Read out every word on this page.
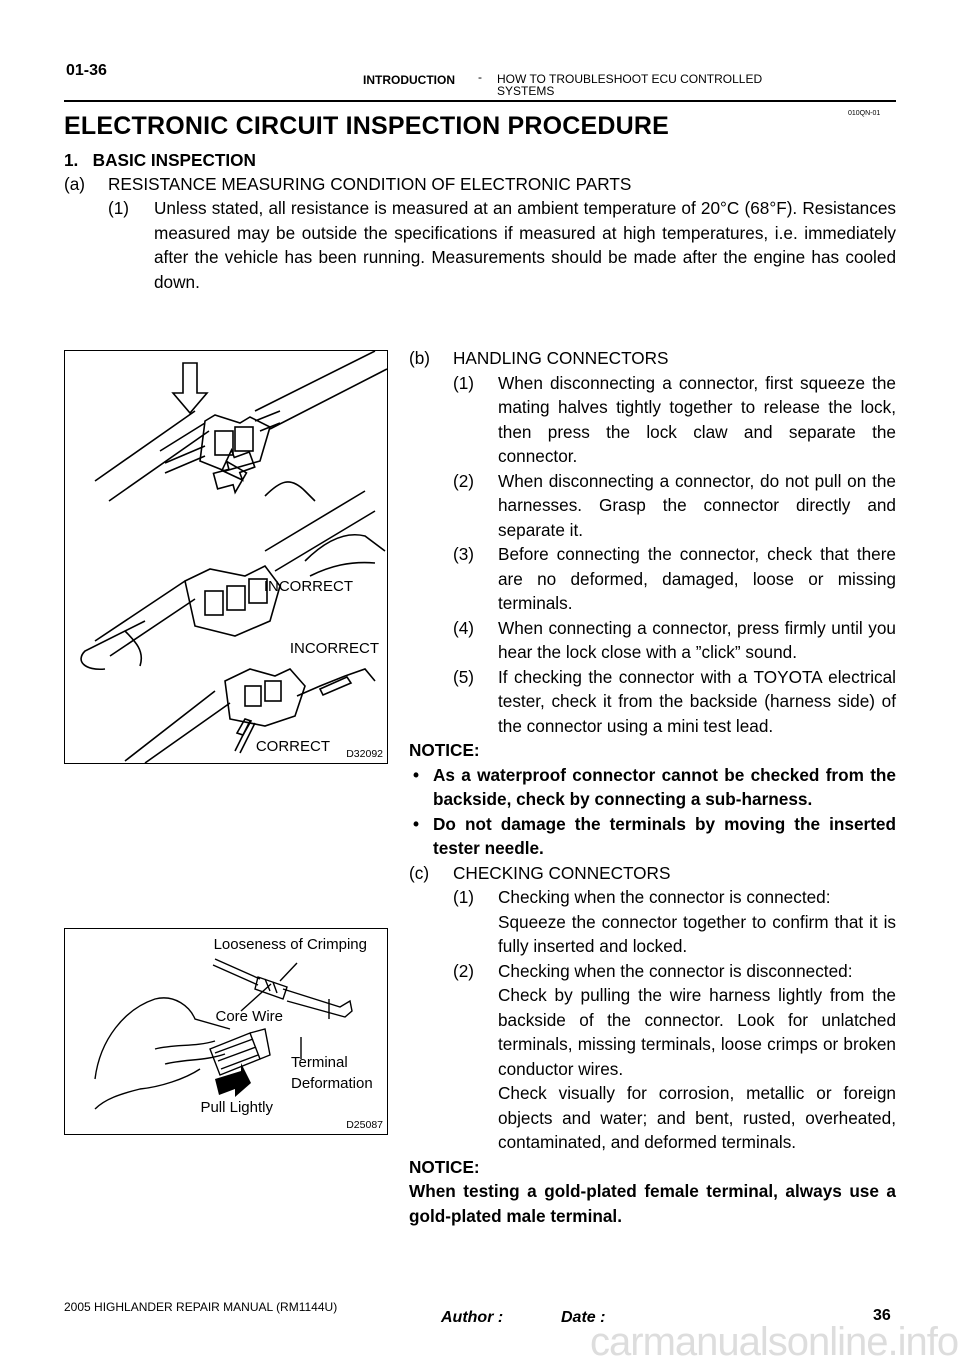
01-36
INTRODUCTION - HOW TO TROUBLESHOOT ECU CONTROLLED SYSTEMS
010QN-01
ELECTRONIC CIRCUIT INSPECTION PROCEDURE
1.   BASIC INSPECTION
(a)	RESISTANCE MEASURING CONDITION OF ELECTRONIC PARTS
(1)	Unless stated, all resistance is measured at an ambient temperature of 20°C (68°F). Resistances measured may be outside the specifications if measured at high temperatures, i.e. immediately after the vehicle has been running. Measurements should be made after the engine has cooled down.
INCORRECT
INCORRECT
CORRECT D32092
Looseness of Crimping
Core Wire
Terminal
Deformation
Pull Lightly
D25087
(b)	HANDLING CONNECTORS
(1)	When disconnecting a connector, first squeeze the mating halves tightly together to release the lock, then press the lock claw and separate the connector.
(2)	When disconnecting a connector, do not pull on the harnesses. Grasp the connector directly and separate it.
(3)	Before connecting the connector, check that there are no deformed, damaged, loose or missing terminals.
(4)	When connecting a connector, press firmly until you hear the lock close with a ”click” sound.
(5)	If checking the connector with a TOYOTA electrical tester, check it from the backside (harness side) of the connector using a mini test lead.
NOTICE:
• As a waterproof connector cannot be checked from the backside, check by connecting a sub-harness.
• Do not damage the terminals by moving the inserted tester needle.
(c)	CHECKING CONNECTORS
(1)	Checking when the connector is connected:
Squeeze the connector together to confirm that it is fully inserted and locked.
(2)	Checking when the connector is disconnected:
Check by pulling the wire harness lightly from the backside of the connector. Look for unlatched terminals, missing terminals, loose crimps or broken conductor wires.
Check visually for corrosion, metallic or foreign objects and water; and bent, rusted, overheated, contaminated, and deformed terminals.
NOTICE:
When testing a gold-plated female terminal, always use a gold-plated male terminal.
2005 HIGHLANDER REPAIR MANUAL (RM1144U)
Author :	Date :	36
carmanualsonline.info
